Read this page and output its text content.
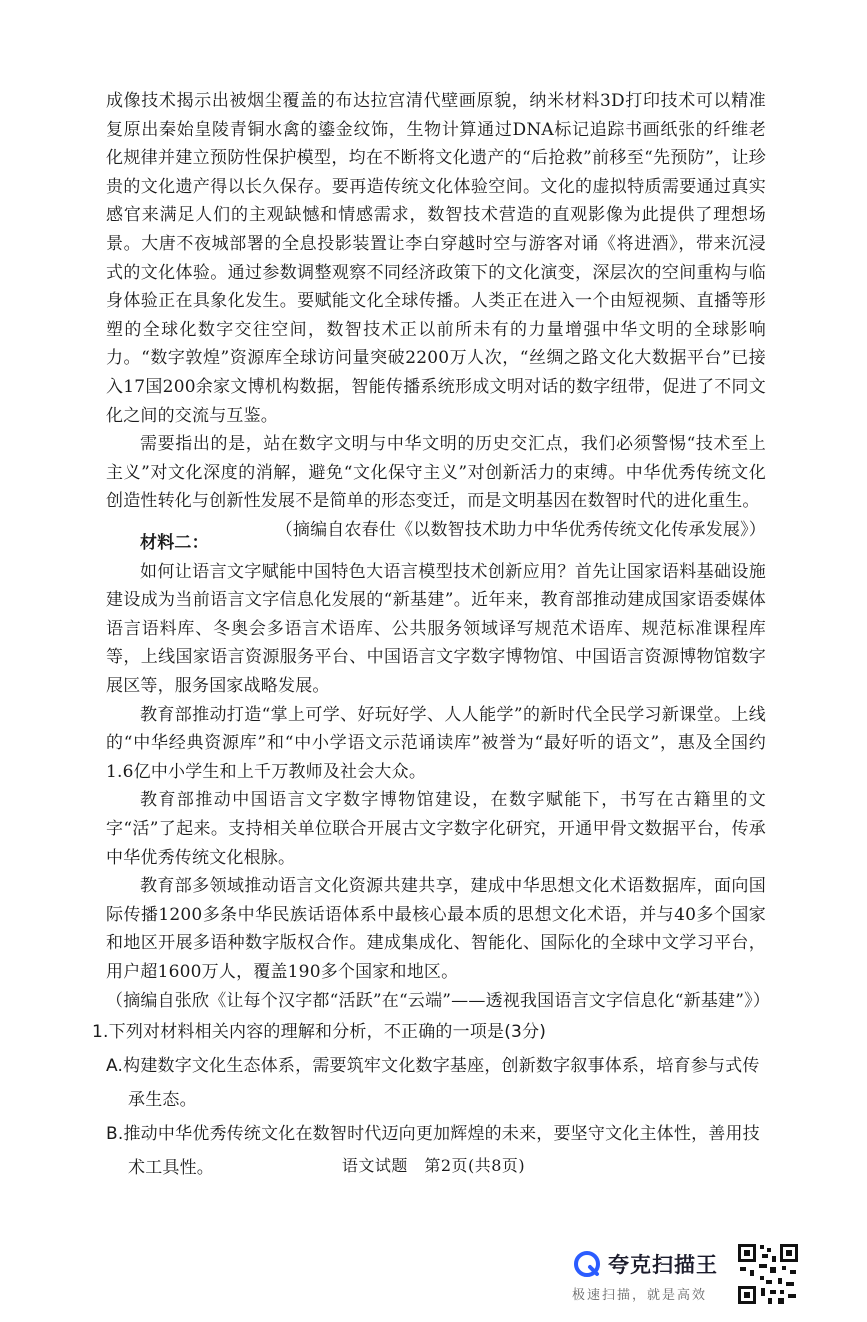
成像技术揭示出被烟尘覆盖的布达拉宫清代壁画原貌，纳米材料3D打印技术可以精准复原出秦始皇陵青铜水禽的鎏金纹饰，生物计算通过DNA标记追踪书画纸张的纤维老化规律并建立预防性保护模型，均在不断将文化遗产的“后抢救”前移至“先预防”，让珍贵的文化遗产得以长久保存。要再造传统文化体验空间。文化的虚拟特质需要通过真实感官来满足人们的主观缺憾和情感需求，数智技术营造的直观影像为此提供了理想场景。大唐不夜城部署的全息投影装置让李白穿越时空与游客对诵《将进酒》，带来沉浸式的文化体验。通过参数调整观察不同经济政策下的文化演变，深层次的空间重构与临身体验正在具象化发生。要赋能文化全球传播。人类正在进入一个由短视频、直播等形塑的全球化数字交往空间，数智技术正以前所未有的力量增强中华文明的全球影响力。“数字敦煌”资源库全球访问量突破2200万人次，“丝绸之路文化大数据平台”已接入17国200余家文博机构数据，智能传播系统形成文明对话的数字纽带，促进了不同文化之间的交流与互鉴。

需要指出的是，站在数字文明与中华文明的历史交汇点，我们必须警惕“技术至上主义”对文化深度的消解，避免“文化保守主义”对创新活力的束缚。中华优秀传统文化创造性转化与创新性发展不是简单的形态变迁，而是文明基因在数智时代的进化重生。

（摘编自农春仕《以数智技术助力中华优秀传统文化传承发展》）

材料二：

如何让语言文字赋能中国特色大语言模型技术创新应用？首先让国家语料基础设施建设成为当前语言文字信息化发展的“新基建”。近年来，教育部推动建成国家语委媒体语言语料库、冬奥会多语言术语库、公共服务领域译写规范术语库、规范标准课程库等，上线国家语言资源服务平台、中国语言文字数字博物馆、中国语言资源博物馆数字展区等，服务国家战略发展。

教育部推动打造“掌上可学、好玩好学、人人能学”的新时代全民学习新课堂。上线的“中华经典资源库”和“中小学语文示范诵读库”被誉为“最好听的语文”，惠及全国约1.6亿中小学生和上千万教师及社会大众。

教育部推动中国语言文字数字博物馆建设，在数字赋能下，书写在古籍里的文字“活”了起来。支持相关单位联合开展古文字数字化研究，开通甲骨文数据平台，传承中华优秀传统文化根脉。

教育部多领域推动语言文化资源共建共享，建成中华思想文化术语数据库，面向国际传播1200多条中华民族话语体系中最核心最本质的思想文化术语，并与40多个国家和地区开展多语种数字版权合作。建成集成化、智能化、国际化的全球中文学习平台，用户超1600万人，覆盖190多个国家和地区。

（摘编自张欣《让每个汉字都“活跃”在“云端”——透视我国语言文字信息化“新基建”》）

1.下列对材料相关内容的理解和分析，不正确的一项是(3分)

A.构建数字文化生态体系，需要筑牢文化数字基座，创新数字叙事体系，培育参与式传
承生态。

B.推动中华优秀传统文化在数智时代迈向更加辉煌的未来，要坚守文化主体性，善用技
术工具性。	语文试题　第2页(共8页)
夸克扫描王
极速扫描，就是高效
